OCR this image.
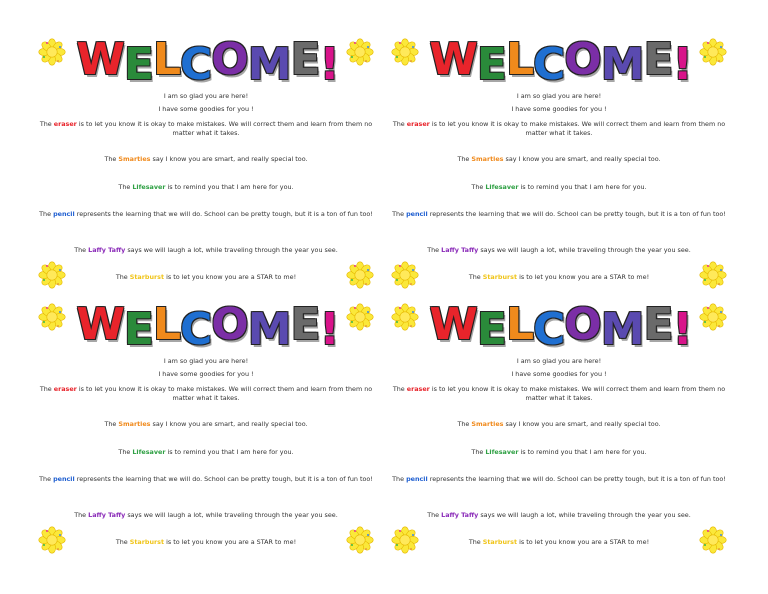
WELCOME!
I am so glad you are here!
I have some goodies for you !
The eraser is to let you know it is okay to make mistakes. We will correct them and learn from them no matter what it takes.
The Smarties say I know you are smart, and really special too.
The Lifesaver is to remind you that I am here for you.
The pencil represents the learning that we will do. School can be pretty tough, but it is a ton of fun too!
The Laffy Taffy says we will laugh a lot, while traveling through the year you see.
The Starburst is to let you know you are a STAR to me!
WELCOME!
I am so glad you are here!
I have some goodies for you !
The eraser is to let you know it is okay to make mistakes. We will correct them and learn from them no matter what it takes.
The Smarties say I know you are smart, and really special too.
The Lifesaver is to remind you that I am here for you.
The pencil represents the learning that we will do. School can be pretty tough, but it is a ton of fun too!
The Laffy Taffy says we will laugh a lot, while traveling through the year you see.
The Starburst is to let you know you are a STAR to me!
WELCOME!
I am so glad you are here!
I have some goodies for you !
The eraser is to let you know it is okay to make mistakes. We will correct them and learn from them no matter what it takes.
The Smarties say I know you are smart, and really special too.
The Lifesaver is to remind you that I am here for you.
The pencil represents the learning that we will do. School can be pretty tough, but it is a ton of fun too!
The Laffy Taffy says we will laugh a lot, while traveling through the year you see.
The Starburst is to let you know you are a STAR to me!
WELCOME!
I am so glad you are here!
I have some goodies for you !
The eraser is to let you know it is okay to make mistakes. We will correct them and learn from them no matter what it takes.
The Smarties say I know you are smart, and really special too.
The Lifesaver is to remind you that I am here for you.
The pencil represents the learning that we will do. School can be pretty tough, but it is a ton of fun too!
The Laffy Taffy says we will laugh a lot, while traveling through the year you see.
The Starburst is to let you know you are a STAR to me!
